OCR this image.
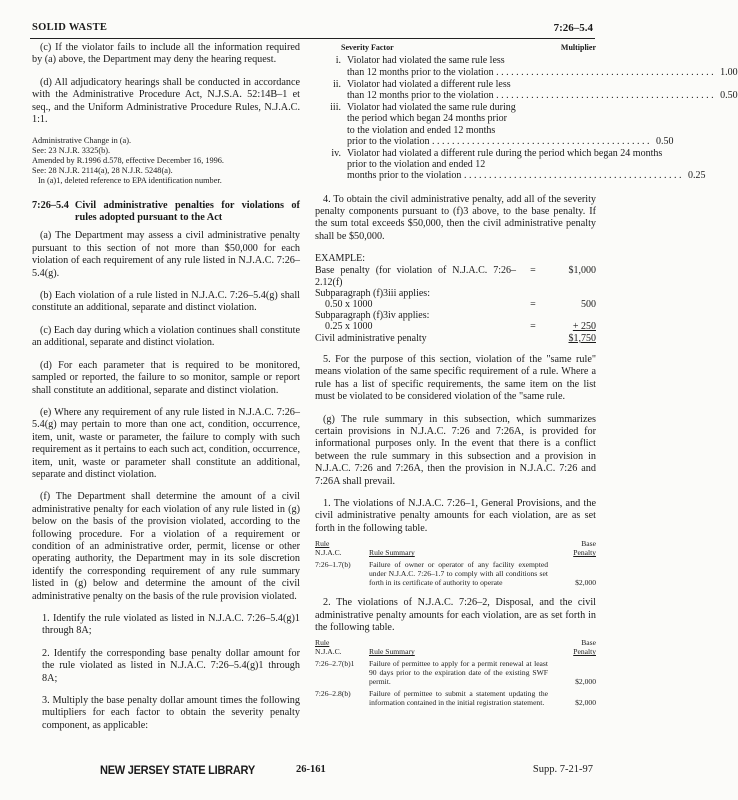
SOLID WASTE	7:26–5.4

(c) If the violator fails to include all the information required by (a) above, the Department may deny the hearing request.

(d) All adjudicatory hearings shall be conducted in accordance with the Administrative Procedure Act, N.J.S.A. 52:14B–1 et seq., and the Uniform Administrative Procedure Rules, N.J.A.C. 1:1.

Administrative Change in (a).
See: 23 N.J.R. 3325(b).
Amended by R.1996 d.578, effective December 16, 1996.
See: 28 N.J.R. 2114(a), 28 N.J.R. 5248(a).
In (a)1, deleted reference to EPA identification number.
7:26–5.4 Civil administrative penalties for violations of rules adopted pursuant to the Act

(a) The Department may assess a civil administrative penalty pursuant to this section of not more than $50,000 for each violation of each requirement of any rule listed in N.J.A.C. 7:26–5.4(g).

(b) Each violation of a rule listed in N.J.A.C. 7:26–5.4(g) shall constitute an additional, separate and distinct violation.

(c) Each day during which a violation continues shall constitute an additional, separate and distinct violation.

(d) For each parameter that is required to be monitored, sampled or reported, the failure to so monitor, sample or report shall constitute an additional, separate and distinct violation.

(e) Where any requirement of any rule listed in N.J.A.C. 7:26–5.4(g) may pertain to more than one act, condition, occurrence, item, unit, waste or parameter, the failure to comply with such requirement as it pertains to each such act, condition, occurrence, item, unit, waste or parameter shall constitute an additional, separate and distinct violation.

(f) The Department shall determine the amount of a civil administrative penalty for each violation of any rule listed in (g) below on the basis of the provision violated, according to the following procedure. For a violation of a requirement or condition of an administrative order, permit, license or other operating authority, the Department may in its sole discretion identify the corresponding requirement of any rule summary listed in (g) below and determine the amount of the civil administrative penalty on the basis of the rule provision violated.

1. Identify the rule violated as listed in N.J.A.C. 7:26–5.4(g)1 through 8A;

2. Identify the corresponding base penalty dollar amount for the rule violated as listed in N.J.A.C. 7:26–5.4(g)1 through 8A;

3. Multiply the base penalty dollar amount times the following multipliers for each factor to obtain the severity penalty component, as applicable:

Severity Factor	Multiplier
i. Violator had violated the same rule less
than 12 months prior to the violation . . .	1.00
ii. Violator had violated a different rule less
than 12 months prior to the violation . . .	0.50
iii. Violator had violated the same rule during
the period which began 24 months prior
to the violation and ended 12 months
prior to the violation . . .	0.50
iv. Violator had violated a different rule during the period which began 24 months
prior to the violation and ended 12
months prior to the violation . . .	0.25

4. To obtain the civil administrative penalty, add all of the severity penalty components pursuant to (f)3 above, to the base penalty. If the sum total exceeds $50,000, then the civil administrative penalty shall be $50,000.

EXAMPLE:
Base penalty (for violation of N.J.A.C. 7:26–2.12(f)
=	$1,000
Subparagraph (f)3iii applies:
0.50 x 1000	=	500
Subparagraph (f)3iv applies:
0.25 x 1000	=	+ 250
Civil administrative penalty	$1,750

5. For the purpose of this section, violation of the "same rule" means violation of the same specific requirement of a rule. Where a rule has a list of specific requirements, the same item on the list must be violated to be considered violation of the "same rule.

(g) The rule summary in this subsection, which summarizes certain provisions in N.J.A.C. 7:26 and 7:26A, is provided for informational purposes only. In the event that there is a conflict between the rule summary in this subsection and a provision in N.J.A.C. 7:26 and 7:26A, then the provision in N.J.A.C. 7:26 and 7:26A shall prevail.

1. The violations of N.J.A.C. 7:26–1, General Provisions, and the civil administrative penalty amounts for each violation, are as set forth in the following table.

Rule
N.J.A.C.	Rule Summary
Base
Penalty
7:26–1.7(b)	Failure of owner or operator of any facility exempted under N.J.A.C. 7:26–1.7 to comply with all conditions set forth in its certificate of authority to operate	$2,000

2. The violations of N.J.A.C. 7:26–2, Disposal, and the civil administrative penalty amounts for each violation, are as set forth in the following table.

Rule
N.J.A.C.	Rule Summary
Base
Penalty
7:26–2.7(b)1	Failure of permittee to apply for a permit renewal at least 90 days prior to the expiration date of the existing SWF permit.	$2,000
7:26–2.8(b)	Failure of permittee to submit a statement updating the information contained in the initial registration statement.	$2,000
NEW JERSEY STATE LIBRARY	26-161	Supp. 7-21-97
